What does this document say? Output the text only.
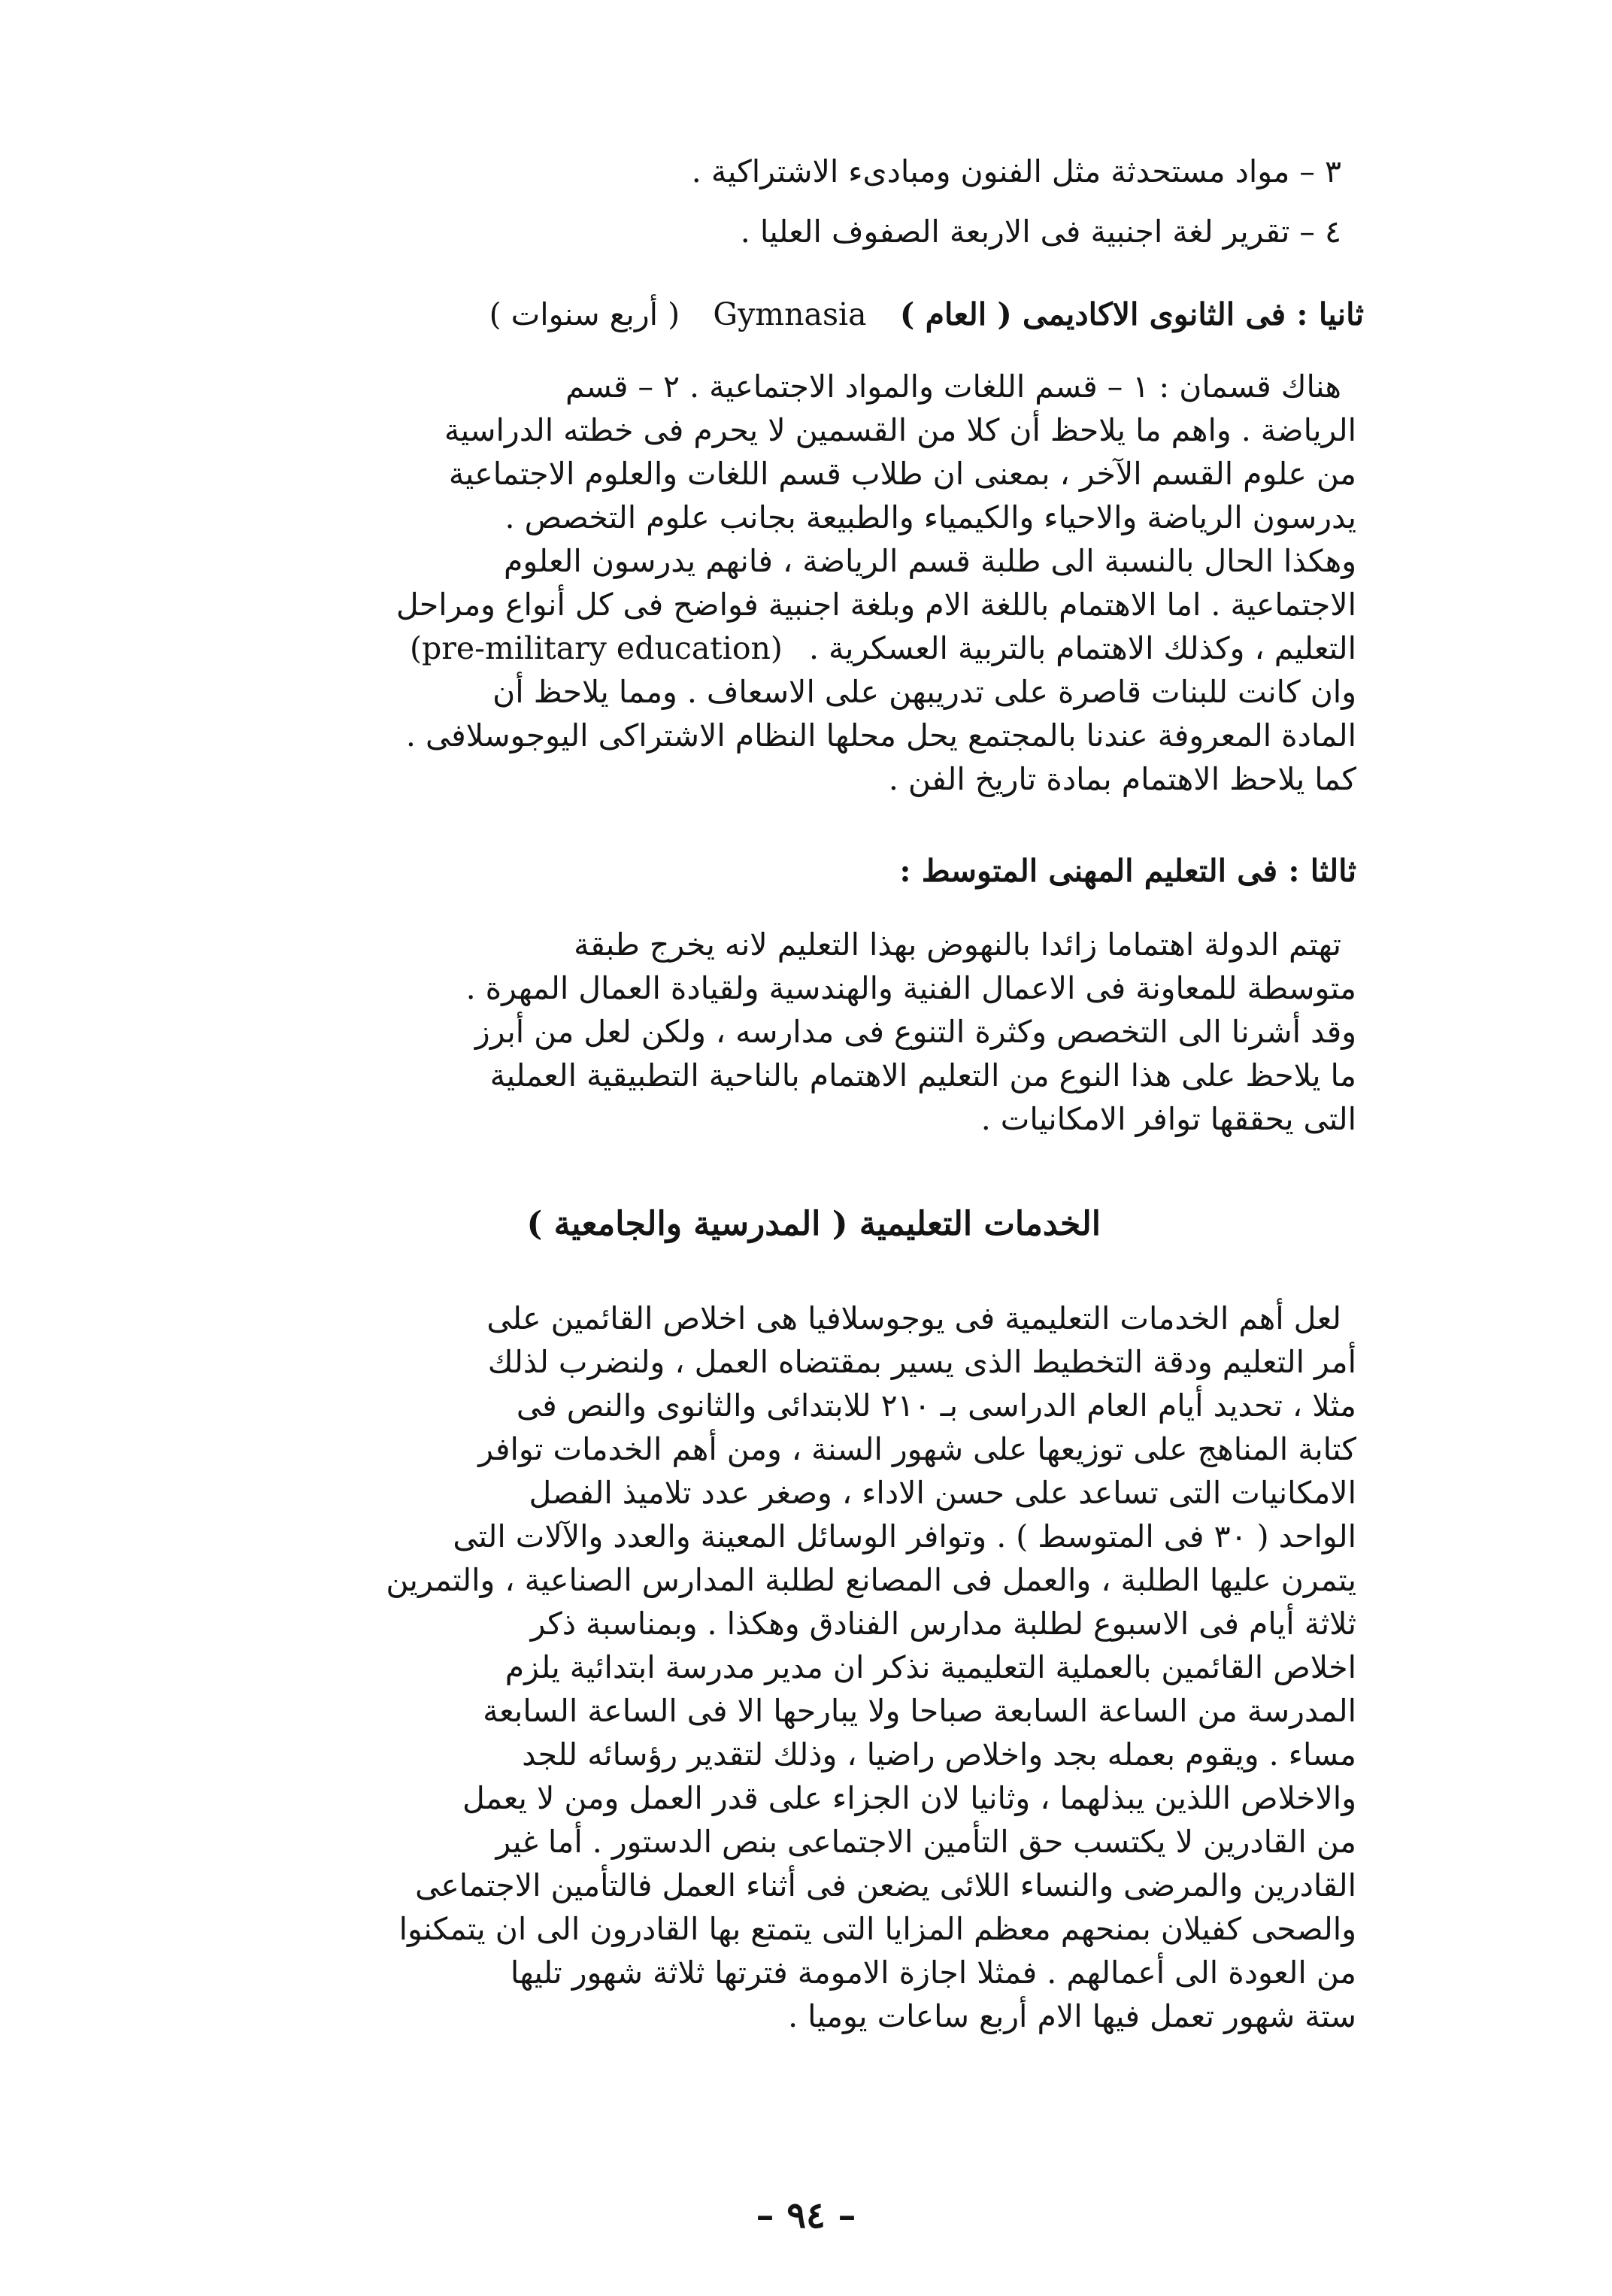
٣ – مواد مستحدثة مثل الفنون ومبادىء الاشتراكية .
٤ – تقرير لغة اجنبية فى الاربعة الصفوف العليا .
ثانيا : فى الثانوى الاكاديمى ( العام ) Gymnasia ( أربع سنوات )
هناك قسمان : ١ – قسم اللغات والمواد الاجتماعية . ٢ – قسم
الرياضة . واهم ما يلاحظ أن كلا من القسمين لا يحرم فى خطته الدراسية
من علوم القسم الآخر ، بمعنى ان طلاب قسم اللغات والعلوم الاجتماعية
يدرسون الرياضة والاحياء والكيمياء والطبيعة بجانب علوم التخصص .
وهكذا الحال بالنسبة الى طلبة قسم الرياضة ، فانهم يدرسون العلوم
الاجتماعية . اما الاهتمام باللغة الام وبلغة اجنبية فواضح فى كل أنواع ومراحل
التعليم ، وكذلك الاهتمام بالتربية العسكرية . (pre-military education)
وان كانت للبنات قاصرة على تدريبهن على الاسعاف . ومما يلاحظ أن
المادة المعروفة عندنا بالمجتمع يحل محلها النظام الاشتراكى اليوجوسلافى .
كما يلاحظ الاهتمام بمادة تاريخ الفن .
ثالثا : فى التعليم المهنى المتوسط :
تهتم الدولة اهتماما زائدا بالنهوض بهذا التعليم لانه يخرج طبقة
متوسطة للمعاونة فى الاعمال الفنية والهندسية ولقيادة العمال المهرة .
وقد أشرنا الى التخصص وكثرة التنوع فى مدارسه ، ولكن لعل من أبرز
ما يلاحظ على هذا النوع من التعليم الاهتمام بالناحية التطبيقية العملية
التى يحققها توافر الامكانيات .
الخدمات التعليمية ( المدرسية والجامعية )
لعل أهم الخدمات التعليمية فى يوجوسلافيا هى اخلاص القائمين على
أمر التعليم ودقة التخطيط الذى يسير بمقتضاه العمل ، ولنضرب لذلك
مثلا ، تحديد أيام العام الدراسى بـ ٢١٠ للابتدائى والثانوى والنص فى
كتابة المناهج على توزيعها على شهور السنة ، ومن أهم الخدمات توافر
الامكانيات التى تساعد على حسن الاداء ، وصغر عدد تلاميذ الفصل
الواحد ( ٣٠ فى المتوسط ) . وتوافر الوسائل المعينة والعدد والآلات التى
يتمرن عليها الطلبة ، والعمل فى المصانع لطلبة المدارس الصناعية ، والتمرين
ثلاثة أيام فى الاسبوع لطلبة مدارس الفنادق وهكذا . وبمناسبة ذكر
اخلاص القائمين بالعملية التعليمية نذكر ان مدير مدرسة ابتدائية يلزم
المدرسة من الساعة السابعة صباحا ولا يبارحها الا فى الساعة السابعة
مساء . ويقوم بعمله بجد واخلاص راضيا ، وذلك لتقدير رؤسائه للجد
والاخلاص اللذين يبذلهما ، وثانيا لان الجزاء على قدر العمل ومن لا يعمل
من القادرين لا يكتسب حق التأمين الاجتماعى بنص الدستور . أما غير
القادرين والمرضى والنساء اللائى يضعن فى أثناء العمل فالتأمين الاجتماعى
والصحى كفيلان بمنحهم معظم المزايا التى يتمتع بها القادرون الى ان يتمكنوا
من العودة الى أعمالهم . فمثلا اجازة الامومة فترتها ثلاثة شهور تليها
ستة شهور تعمل فيها الام أربع ساعات يوميا .
– ٩٤ –
